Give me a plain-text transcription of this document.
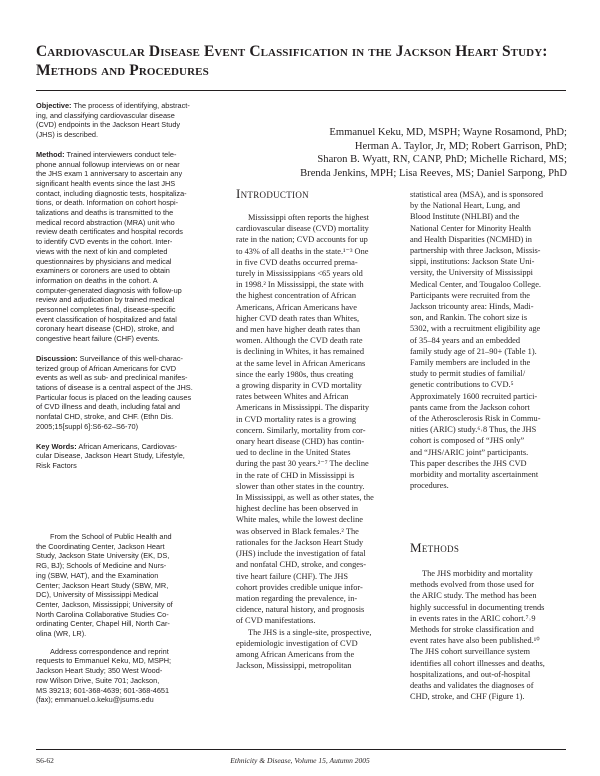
Cardiovascular Disease Event Classification in the Jackson Heart Study:
Methods and Procedures

Objective: The process of identifying, abstract-
ing, and classifying cardiovascular disease
(CVD) endpoints in the Jackson Heart Study
(JHS) is described.

Method: Trained interviewers conduct tele-
phone annual followup interviews on or near
the JHS exam 1 anniversary to ascertain any
significant health events since the last JHS
contact, including diagnostic tests, hospitaliza-
tions, or death. Information on cohort hospi-
talizations and deaths is transmitted to the
medical record abstraction (MRA) unit who
review death certificates and hospital records
to identify CVD events in the cohort. Inter-
views with the next of kin and completed
questionnaires by physicians and medical
examiners or coroners are used to obtain
information on deaths in the cohort. A
computer-generated diagnosis with follow-up
review and adjudication by trained medical
personnel completes final, disease-specific
event classification of hospitalized and fatal
coronary heart disease (CHD), stroke, and
congestive heart failure (CHF) events.

Discussion: Surveillance of this well-charac-
terized group of African Americans for CVD
events as well as sub- and preclinical manifes-
tations of disease is a central aspect of the JHS.
Particular focus is placed on the leading causes
of CVD illness and death, including fatal and
nonfatal CHD, stroke, and CHF. (Ethn Dis.
2005;15[suppl 6]:S6-62–S6-70)

Key Words: African Americans, Cardiovas-
cular Disease, Jackson Heart Study, Lifestyle,
Risk Factors

From the School of Public Health and
the Coordinating Center, Jackson Heart
Study, Jackson State University (EK, DS,
RG, BJ); Schools of Medicine and Nurs-
ing (SBW, HAT), and the Examination
Center; Jackson Heart Study (SBW, MR,
DC), University of Mississippi Medical
Center, Jackson, Mississippi; University of
North Carolina Collaborative Studies Co-
ordinating Center, Chapel Hill, North Car-
olina (WR, LR).
Address correspondence and reprint
requests to Emmanuel Keku, MD, MSPH;
Jackson Heart Study; 350 West Wood-
row Wilson Drive, Suite 701; Jackson,
MS 39213; 601-368-4639; 601-368-4651
(fax); emmanuel.o.keku@jsums.edu
Emmanuel Keku, MD, MSPH; Wayne Rosamond, PhD;
Herman A. Taylor, Jr, MD; Robert Garrison, PhD;
Sharon B. Wyatt, RN, CANP, PhD; Michelle Richard, MS;
Brenda Jenkins, MPH; Lisa Reeves, MS; Daniel Sarpong, PhD
Introduction
Mississippi often reports the highest
cardiovascular disease (CVD) mortality
rate in the nation; CVD accounts for up
to 43% of all deaths in the state.¹⁻³ One
in five CVD deaths occurred prema-
turely in Mississippians <65 years old
in 1998.² In Mississippi, the state with
the highest concentration of African
Americans, African Americans have
higher CVD death rates than Whites,
and men have higher death rates than
women. Although the CVD death rate
is declining in Whites, it has remained
at the same level in African Americans
since the early 1980s, thus creating
a growing disparity in CVD mortality
rates between Whites and African
Americans in Mississippi. The disparity
in CVD mortality rates is a growing
concern. Similarly, mortality from cor-
onary heart disease (CHD) has contin-
ued to decline in the United States
during the past 30 years.²⁻⁷ The decline
in the rate of CHD in Mississippi is
slower than other states in the country.
In Mississippi, as well as other states, the
highest decline has been observed in
White males, while the lowest decline
was observed in Black females.² The
rationales for the Jackson Heart Study
(JHS) include the investigation of fatal
and nonfatal CHD, stroke, and conges-
tive heart failure (CHF). The JHS
cohort provides credible unique infor-
mation regarding the prevalence, in-
cidence, natural history, and prognosis
of CVD manifestations.
The JHS is a single-site, prospective,
epidemiologic investigation of CVD
among African Americans from the
Jackson, Mississippi, metropolitan
statistical area (MSA), and is sponsored
by the National Heart, Lung, and
Blood Institute (NHLBI) and the
National Center for Minority Health
and Health Disparities (NCMHD) in
partnership with three Jackson, Missis-
sippi, institutions: Jackson State Uni-
versity, the University of Mississippi
Medical Center, and Tougaloo College.
Participants were recruited from the
Jackson tricounty area: Hinds, Madi-
son, and Rankin. The cohort size is
5302, with a recruitment eligibility age
of 35–84 years and an embedded
family study age of 21–90+ (Table 1).
Family members are included in the
study to permit studies of familial/
genetic contributions to CVD.⁵
Approximately 1600 recruited partici-
pants came from the Jackson cohort
of the Atherosclerosis Risk in Commu-
nities (ARIC) study.⁶˒8 Thus, the JHS
cohort is composed of “JHS only”
and “JHS/ARIC joint” participants.
This paper describes the JHS CVD
morbidity and mortality ascertainment
procedures.
Methods
The JHS morbidity and mortality
methods evolved from those used for
the ARIC study. The method has been
highly successful in documenting trends
in events rates in the ARIC cohort.⁷˒9
Methods for stroke classification and
event rates have also been published.¹⁰
The JHS cohort surveillance system
identifies all cohort illnesses and deaths,
hospitalizations, and out-of-hospital
deaths and validates the diagnoses of
CHD, stroke, and CHF (Figure 1).
S6-62	Ethnicity & Disease, Volume 15, Autumn 2005
